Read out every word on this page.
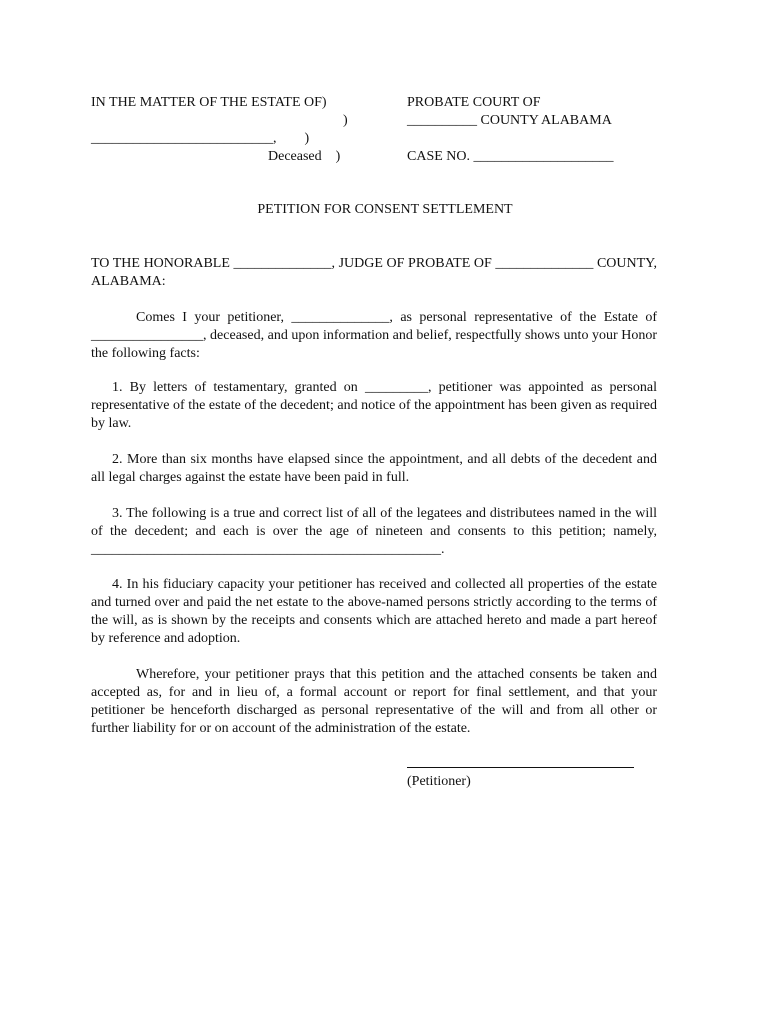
IN THE MATTER OF THE ESTATE OF)
)
__________________________,        )
Deceased    )
PROBATE COURT OF
__________ COUNTY ALABAMA
CASE NO. ____________________
PETITION FOR CONSENT SETTLEMENT

TO THE HONORABLE ______________, JUDGE OF PROBATE OF ______________ COUNTY, ALABAMA:

Comes I your petitioner, ______________, as personal representative of the Estate of ________________, deceased, and upon information and belief, respectfully shows unto your Honor the following facts:

1. By letters of testamentary, granted on _________, petitioner was appointed as personal representative of the estate of the decedent; and notice of the appointment has been given as required by law.

2. More than six months have elapsed since the appointment, and all debts of the decedent and all legal charges against the estate have been paid in full.

3. The following is a true and correct list of all of the legatees and distributees named in the will of the decedent; and each is over the age of nineteen and consents to this petition; namely, __________________________________________________.

4. In his fiduciary capacity your petitioner has received and collected all properties of the estate and turned over and paid the net estate to the above-named persons strictly according to the terms of the will, as is shown by the receipts and consents which are attached hereto and made a part hereof by reference and adoption.

Wherefore, your petitioner prays that this petition and the attached consents be taken and accepted as, for and in lieu of, a formal account or report for final settlement, and that your petitioner be henceforth discharged as personal representative of the will and from all other or further liability for or on account of the administration of the estate.

(Petitioner)
